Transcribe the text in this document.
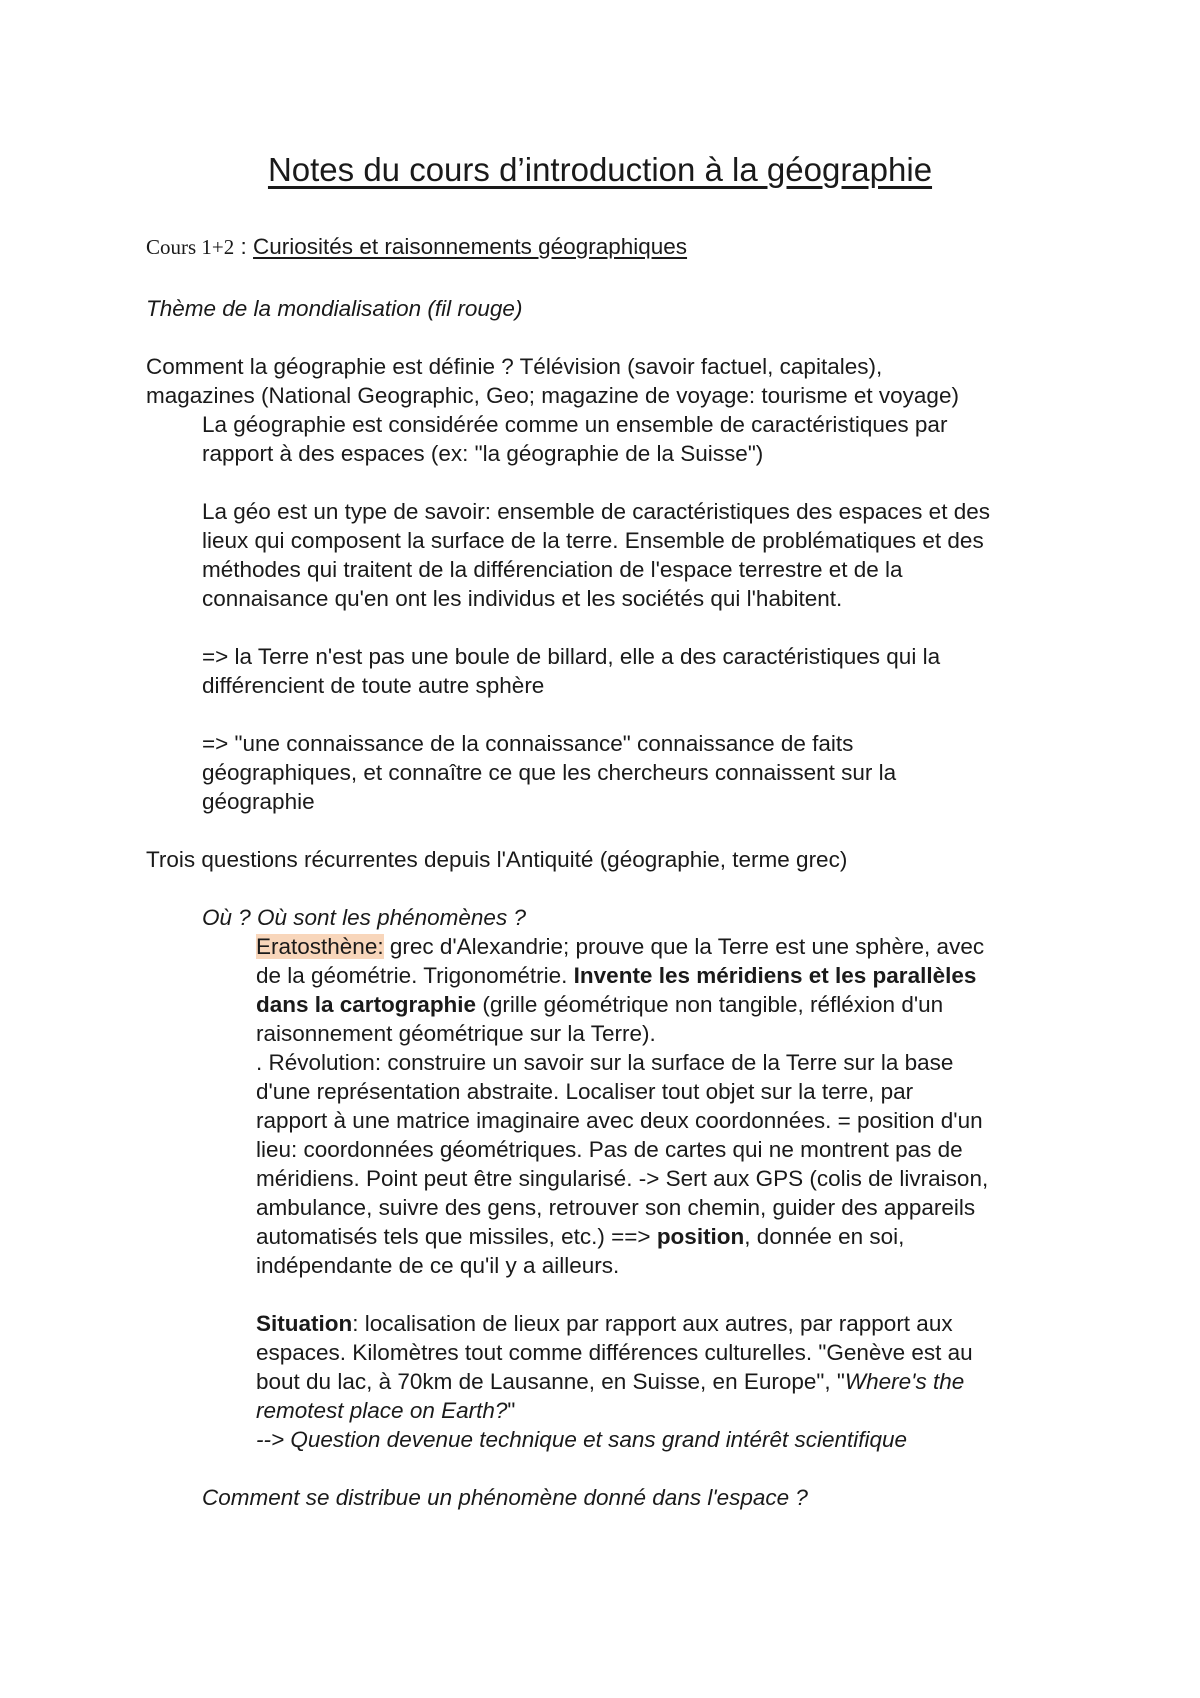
Notes du cours d’introduction à la géographie
Cours 1+2 : Curiosités et raisonnements géographiques
Thème de la mondialisation (fil rouge)
Comment la géographie est définie ? Télévision (savoir factuel, capitales),
magazines (National Geographic, Geo; magazine de voyage: tourisme et voyage)
La géographie est considérée comme un ensemble de caractéristiques par
rapport à des espaces (ex: "la géographie de la Suisse")
La géo est un type de savoir: ensemble de caractéristiques des espaces et des
lieux qui composent la surface de la terre. Ensemble de problématiques et des
méthodes qui traitent de la différenciation de l'espace terrestre et de la
connaisance qu'en ont les individus et les sociétés qui l'habitent.
=> la Terre n'est pas une boule de billard, elle a des caractéristiques qui la
différencient de toute autre sphère
=> "une connaissance de la connaissance" connaissance de faits
géographiques, et connaître ce que les chercheurs connaissent sur la
géographie
Trois questions récurrentes depuis l'Antiquité (géographie, terme grec)
Où ? Où sont les phénomènes ?
Eratosthène: grec d'Alexandrie; prouve que la Terre est une sphère, avec
de la géométrie. Trigonométrie. Invente les méridiens et les parallèles
dans la cartographie (grille géométrique non tangible, réfléxion d'un
raisonnement géométrique sur la Terre).
. Révolution: construire un savoir sur la surface de la Terre sur la base
d'une représentation abstraite. Localiser tout objet sur la terre, par
rapport à une matrice imaginaire avec deux coordonnées. = position d'un
lieu: coordonnées géométriques. Pas de cartes qui ne montrent pas de
méridiens. Point peut être singularisé. -> Sert aux GPS (colis de livraison,
ambulance, suivre des gens, retrouver son chemin, guider des appareils
automatisés tels que missiles, etc.) ==> position, donnée en soi,
indépendante de ce qu'il y a ailleurs.
Situation: localisation de lieux par rapport aux autres, par rapport aux
espaces. Kilomètres tout comme différences culturelles. "Genève est au
bout du lac, à 70km de Lausanne, en Suisse, en Europe", "Where's the
remotest place on Earth?"
--> Question devenue technique et sans grand intérêt scientifique
Comment se distribue un phénomène donné dans l'espace ?
